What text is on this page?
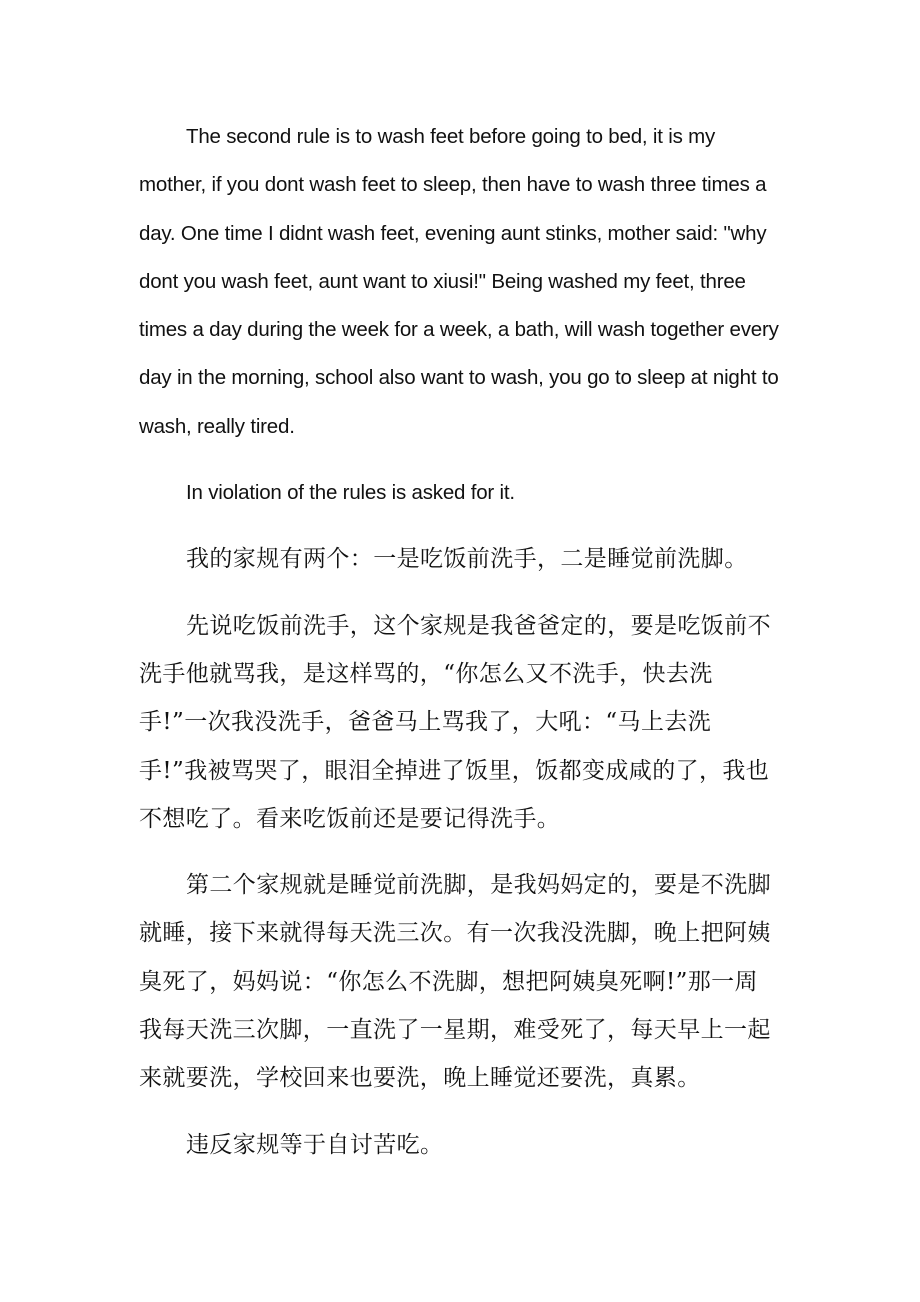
The second rule is to wash feet before going to bed, it is my mother, if you dont wash feet to sleep, then have to wash three times a day. One time I didnt wash feet, evening aunt stinks, mother said: "why dont you wash feet, aunt want to xiusi!" Being washed my feet, three times a day during the week for a week, a bath, will wash together every day in the morning, school also want to wash, you go to sleep at night to wash, really tired.

In violation of the rules is asked for it.

我的家规有两个：一是吃饭前洗手，二是睡觉前洗脚。

先说吃饭前洗手，这个家规是我爸爸定的，要是吃饭前不洗手他就骂我，是这样骂的，“你怎么又不洗手，快去洗手!”一次我没洗手，爸爸马上骂我了，大吼：“马上去洗手!”我被骂哭了，眼泪全掉进了饭里，饭都变成咸的了，我也不想吃了。看来吃饭前还是要记得洗手。

第二个家规就是睡觉前洗脚，是我妈妈定的，要是不洗脚就睡，接下来就得每天洗三次。有一次我没洗脚，晚上把阿姨臭死了，妈妈说：“你怎么不洗脚，想把阿姨臭死啊!”那一周我每天洗三次脚，一直洗了一星期，难受死了，每天早上一起来就要洗，学校回来也要洗，晚上睡觉还要洗，真累。

违反家规等于自讨苦吃。
